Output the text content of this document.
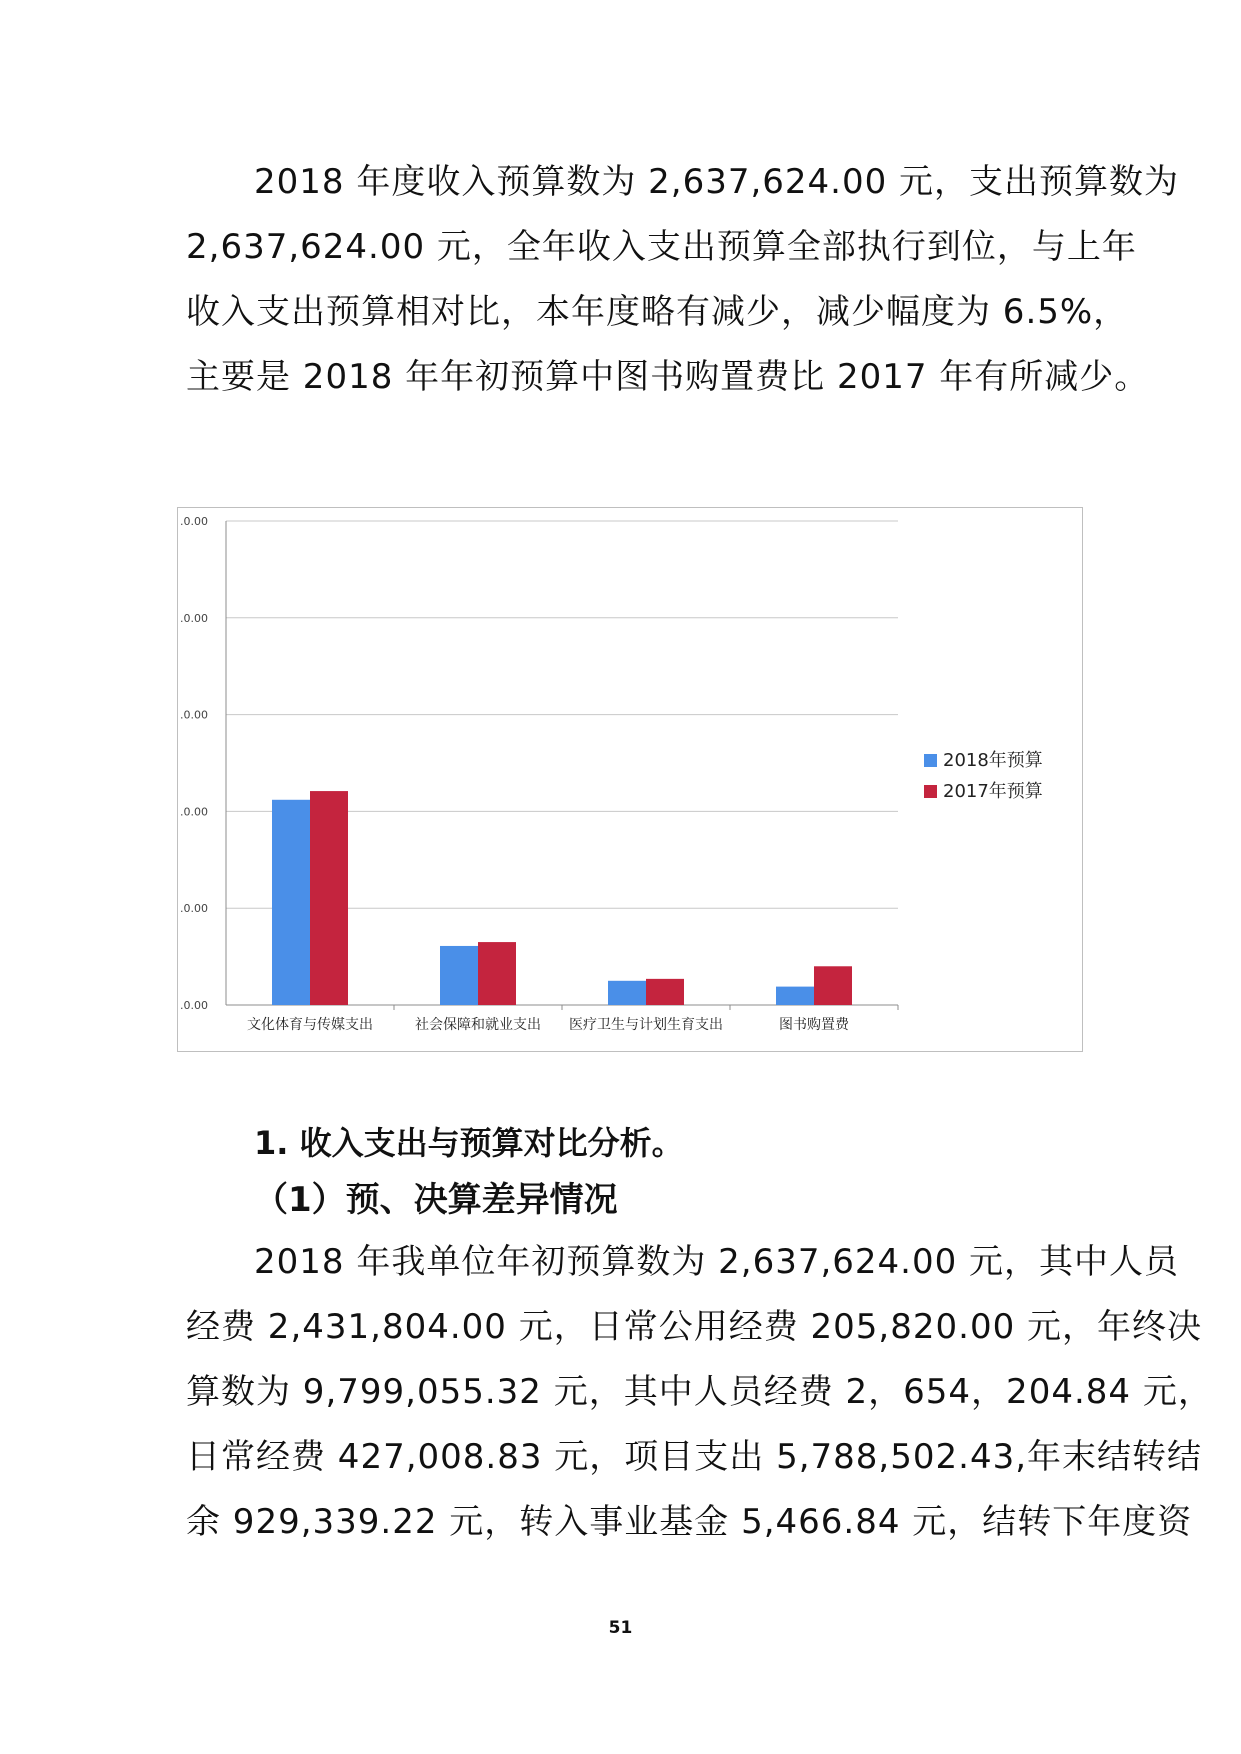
2018 年度收入预算数为 2,637,624.00 元，支出预算数为

2,637,624.00 元，全年收入支出预算全部执行到位，与上年

收入支出预算相对比，本年度略有减少，减少幅度为 6.5%，

主要是 2018 年年初预算中图书购置费比 2017 年有所减少。

.0.00
.0.00
.0.00
.0.00
.0.00
.0.00
文化体育与传媒支出	社会保障和就业支出 医疗卫生与计划生育支出	图书购置费
2018年预算
2017年预算
1. 收入支出与预算对比分析。
（1）预、决算差异情况

2018 年我单位年初预算数为 2,637,624.00 元，其中人员

经费 2,431,804.00 元，日常公用经费 205,820.00 元，年终决

算数为 9,799,055.32 元，其中人员经费 2，654，204.84 元，

日常经费 427,008.83 元，项目支出 5,788,502.43,年末结转结

余 929,339.22 元，转入事业基金 5,466.84 元，结转下年度资

51
